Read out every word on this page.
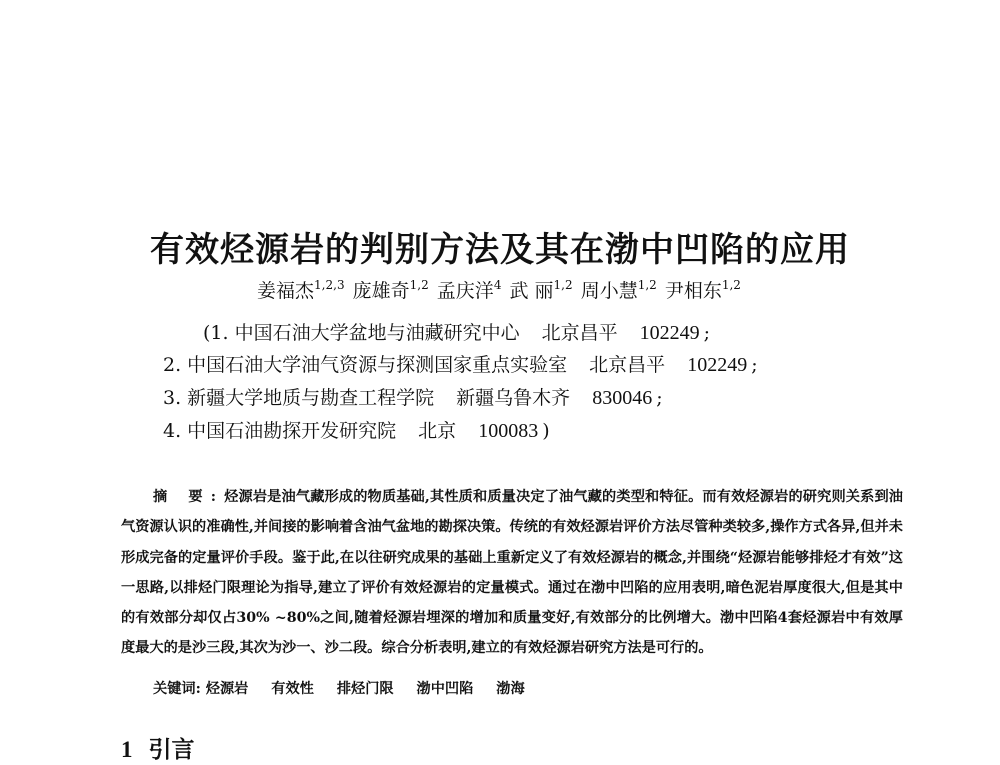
有效烃源岩的判别方法及其在渤中凹陷的应用
姜福杰$^{1,2,3}$ 庞雄奇$^{1,2}$ 孟庆洋$^4$ 武 丽$^{1,2}$ 周小慧$^{1,2}$ 尹相东$^{1,2}$
(1. 中国石油大学盆地与油藏研究中心 北京昌平 102249 ;
2. 中国石油大学油气资源与探测国家重点实验室 北京昌平 102249 ;
3. 新疆大学地质与勘查工程学院 新疆乌鲁木齐 830046 ;
4. 中国石油勘探开发研究院 北京 100083 )
摘 要:烃源岩是油气藏形成的物质基础,其性质和质量决定了油气藏的类型和特征。而有效烃源岩的研究则关系到油气资源认识的准确性,并间接的影响着含油气盆地的勘探决策。传统的有效烃源岩评价方法尽管种类较多,操作方式各异,但并未形成完备的定量评价手段。鉴于此,在以往研究成果的基础上重新定义了有效烃源岩的概念,并围绕“烃源岩能够排烃才有效”这一思路,以排烃门限理论为指导,建立了评价有效烃源岩的定量模式。通过在渤中凹陷的应用表明,暗色泥岩厚度很大,但是其中的有效部分却仅占30% ~80%之间,随着烃源岩埋深的增加和质量变好,有效部分的比例增大。渤中凹陷4套烃源岩中有效厚度最大的是沙三段,其次为沙一、沙二段。综合分析表明,建立的有效烃源岩研究方法是可行的。
关键词: 烃源岩 有效性 排烃门限 渤中凹陷 渤海
1 引言
